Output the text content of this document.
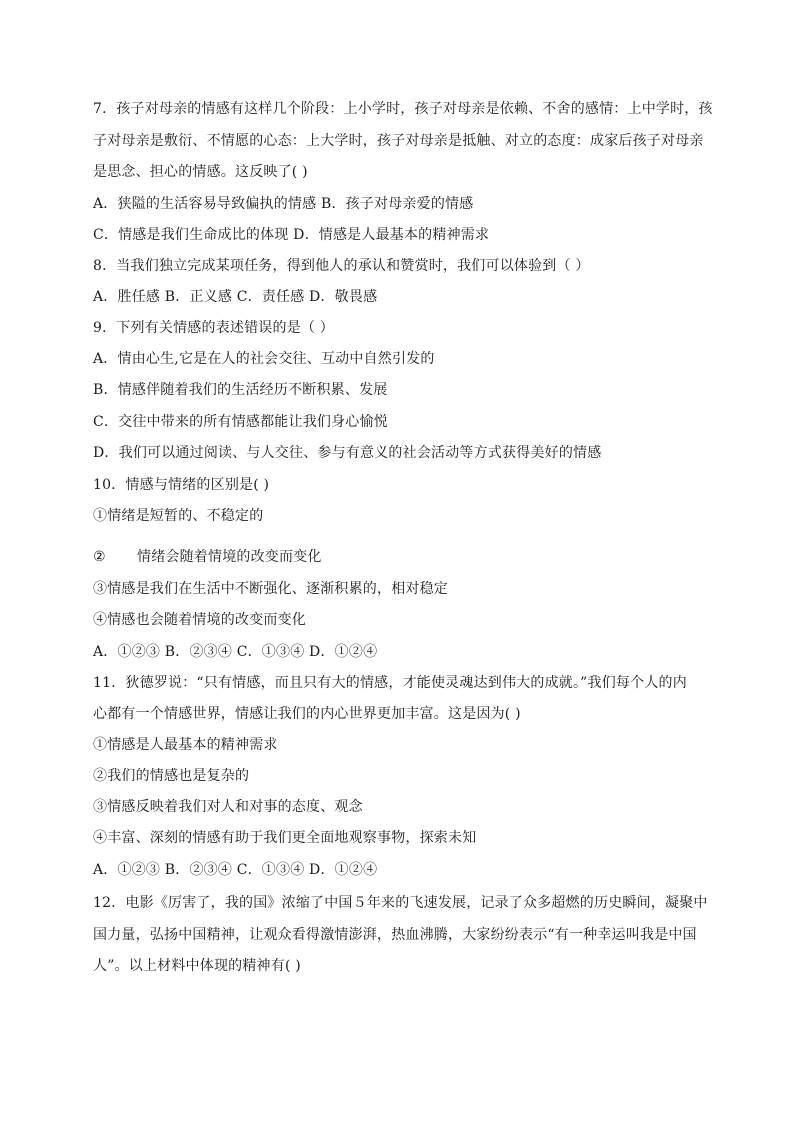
7．孩子对母亲的情感有这样几个阶段：上小学时，孩子对母亲是依赖、不舍的感情：上中学时，孩
子对母亲是敷衍、不情愿的心态：上大学时，孩子对母亲是抵触、对立的态度：成家后孩子对母亲
是思念、担心的情感。这反映了( )
A．狭隘的生活容易导致偏执的情感 B．孩子对母亲爱的情感
C．情感是我们生命成比的体现 D．情感是人最基本的精神需求
8．当我们独立完成某项任务，得到他人的承认和赞赏时，我们可以体验到（ ）
A．胜任感 B．正义感 C．责任感 D．敬畏感
9．下列有关情感的表述错误的是（ ）
A．情由心生,它是在人的社会交往、互动中自然引发的
B．情感伴随着我们的生活经历不断积累、发展
C．交往中带来的所有情感都能让我们身心愉悦
D．我们可以通过阅读、与人交往、参与有意义的社会活动等方式获得美好的情感
10．情感与情绪的区别是( )
①情绪是短暂的、不稳定的
② 情绪会随着情境的改变而变化
③情感是我们在生活中不断强化、逐渐积累的，相对稳定
④情感也会随着情境的改变而变化
A．①②③ B．②③④ C．①③④ D．①②④
11．狄德罗说：“只有情感，而且只有大的情感，才能使灵魂达到伟大的成就。”我们每个人的内
心都有一个情感世界，情感让我们的内心世界更加丰富。这是因为( )
①情感是人最基本的精神需求
②我们的情感也是复杂的
③情感反映着我们对人和对事的态度、观念
④丰富、深刻的情感有助于我们更全面地观察事物，探索未知
A．①②③ B．②③④ C．①③④ D．①②④
12．电影《厉害了，我的国》浓缩了中国５年来的飞速发展，记录了众多超燃的历史瞬间，凝聚中
国力量，弘扬中国精神，让观众看得激情澎湃，热血沸腾，大家纷纷表示“有一种幸运叫我是中国
人”。以上材料中体现的精神有( )
